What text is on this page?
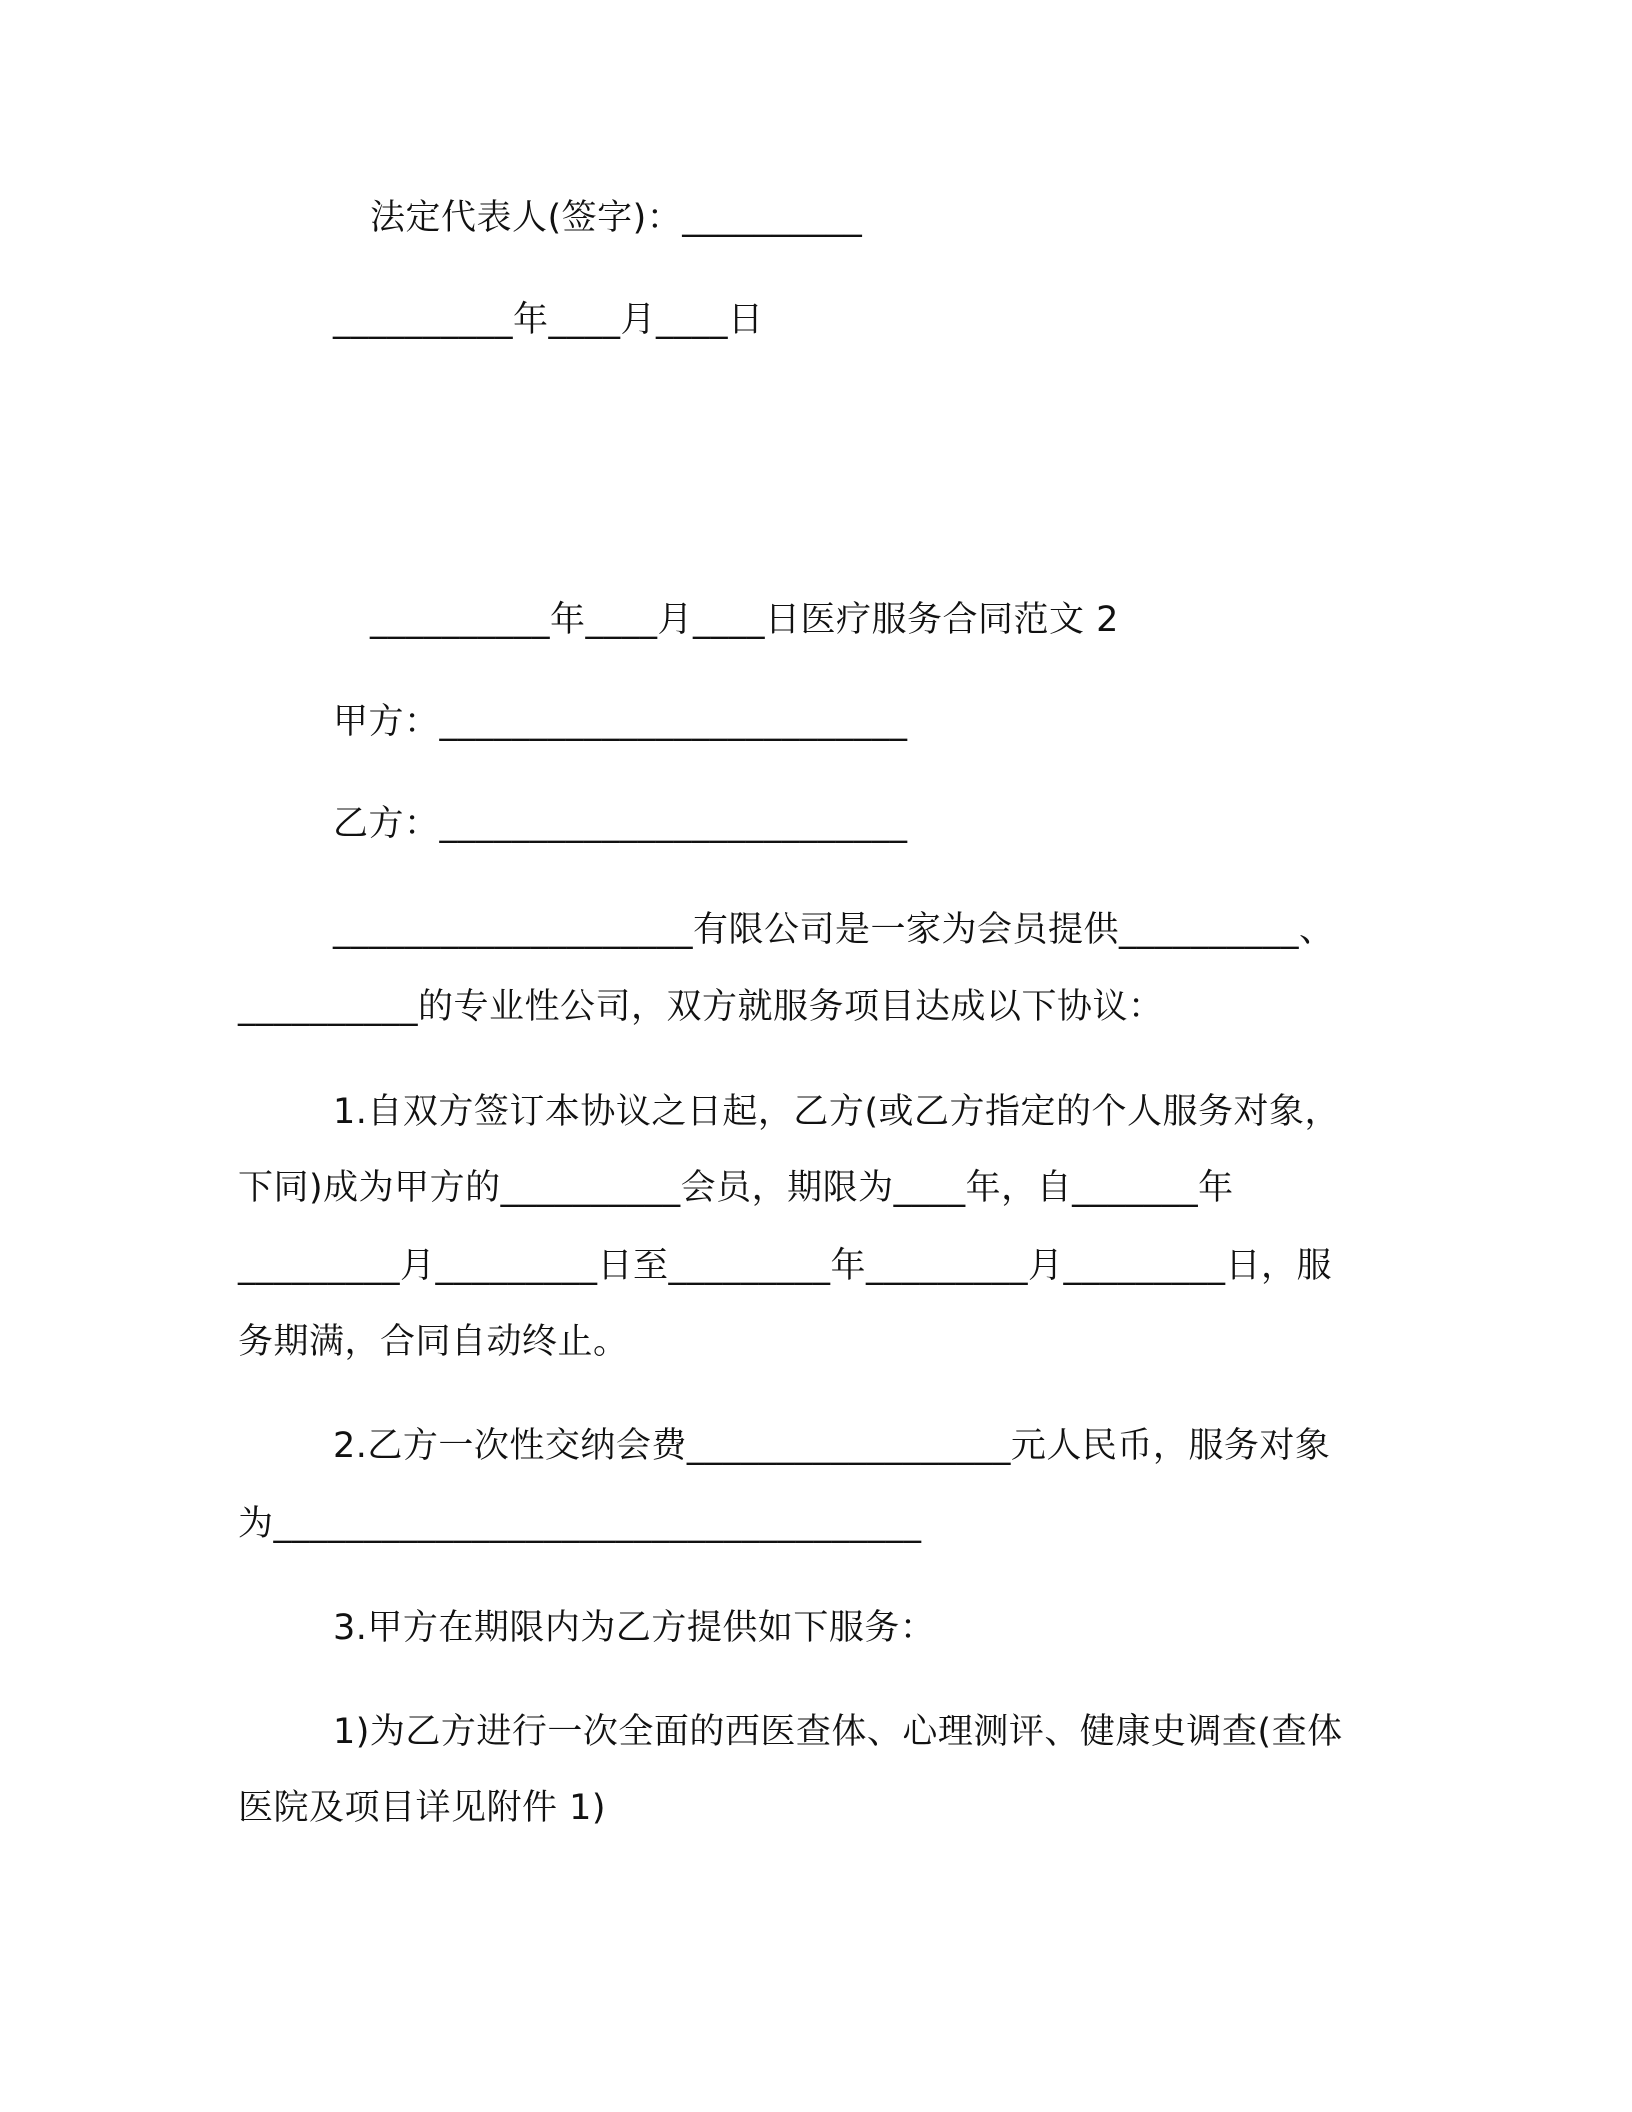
法定代表人(签字)：__________
__________年____月____日
__________年____月____日医疗服务合同范文 2
甲方：__________________________
乙方：__________________________
____________________有限公司是一家为会员提供__________、
__________的专业性公司，双方就服务项目达成以下协议：
1.自双方签订本协议之日起，乙方(或乙方指定的个人服务对象，
下同)成为甲方的__________会员，期限为____年，自_______年
_________月_________日至_________年_________月_________日，服
务期满，合同自动终止。
2.乙方一次性交纳会费__________________元人民币，服务对象
为____________________________________
3.甲方在期限内为乙方提供如下服务：
1)为乙方进行一次全面的西医查体、心理测评、健康史调查(查体
医院及项目详见附件 1)
